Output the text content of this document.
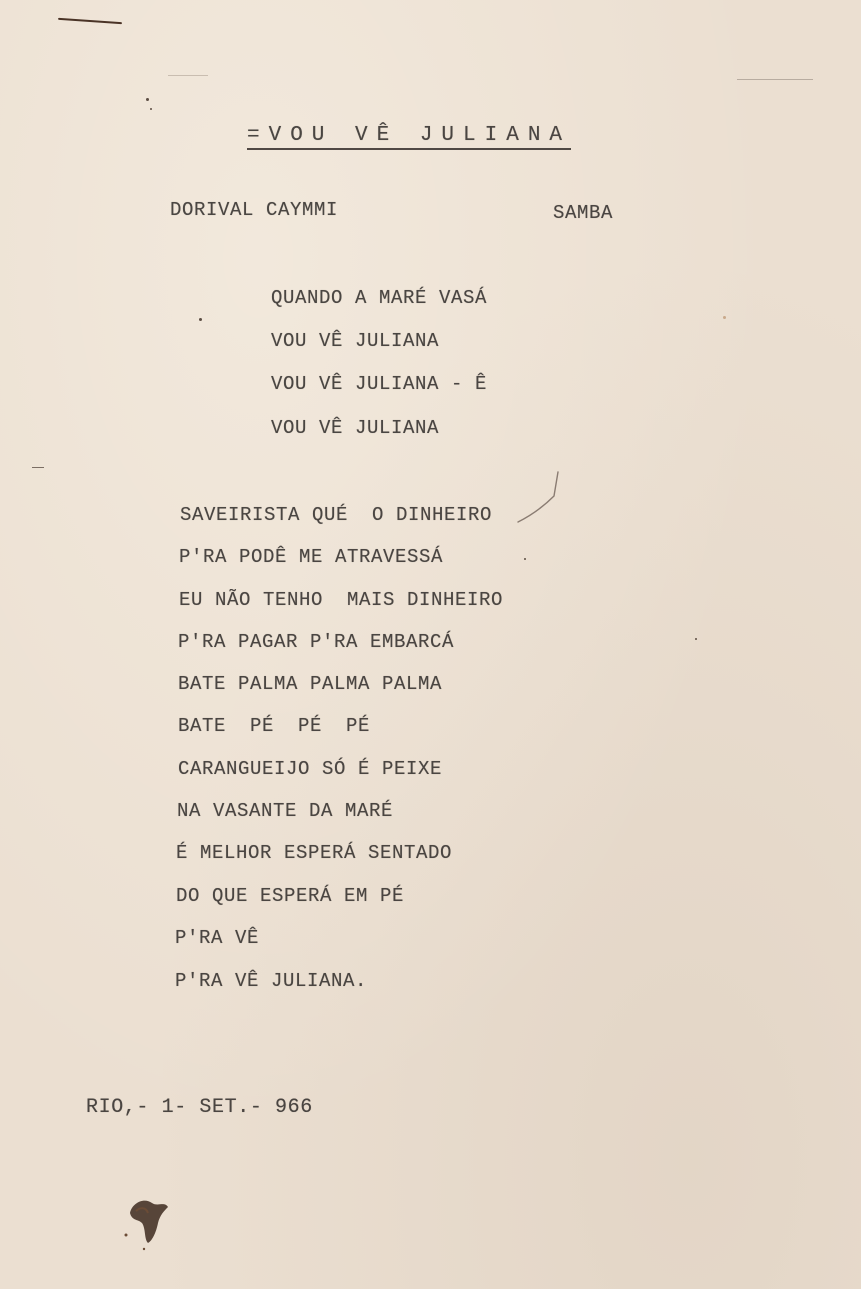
=VOU VÊ JULIANA
DORIVAL CAYMMI	SAMBA
QUANDO A MARÉ VASÁ
VOU VÊ JULIANA
VOU VÊ JULIANA - Ê
VOU VÊ JULIANA
SAVEIRISTA QUÉ  O DINHEIRO
P'RA PODÊ ME ATRAVESSÁ
EU NÃO TENHO  MAIS DINHEIRO
P'RA PAGAR P'RA EMBARCÁ
BATE PALMA PALMA PALMA
BATE  PÉ  PÉ  PÉ
CARANGUEIJO SÓ É PEIXE
NA VASANTE DA MARÉ
É MELHOR ESPERÁ SENTADO
DO QUE ESPERÁ EM PÉ
P'RA VÊ
P'RA VÊ JULIANA.
RIO,- 1- SET.- 966
